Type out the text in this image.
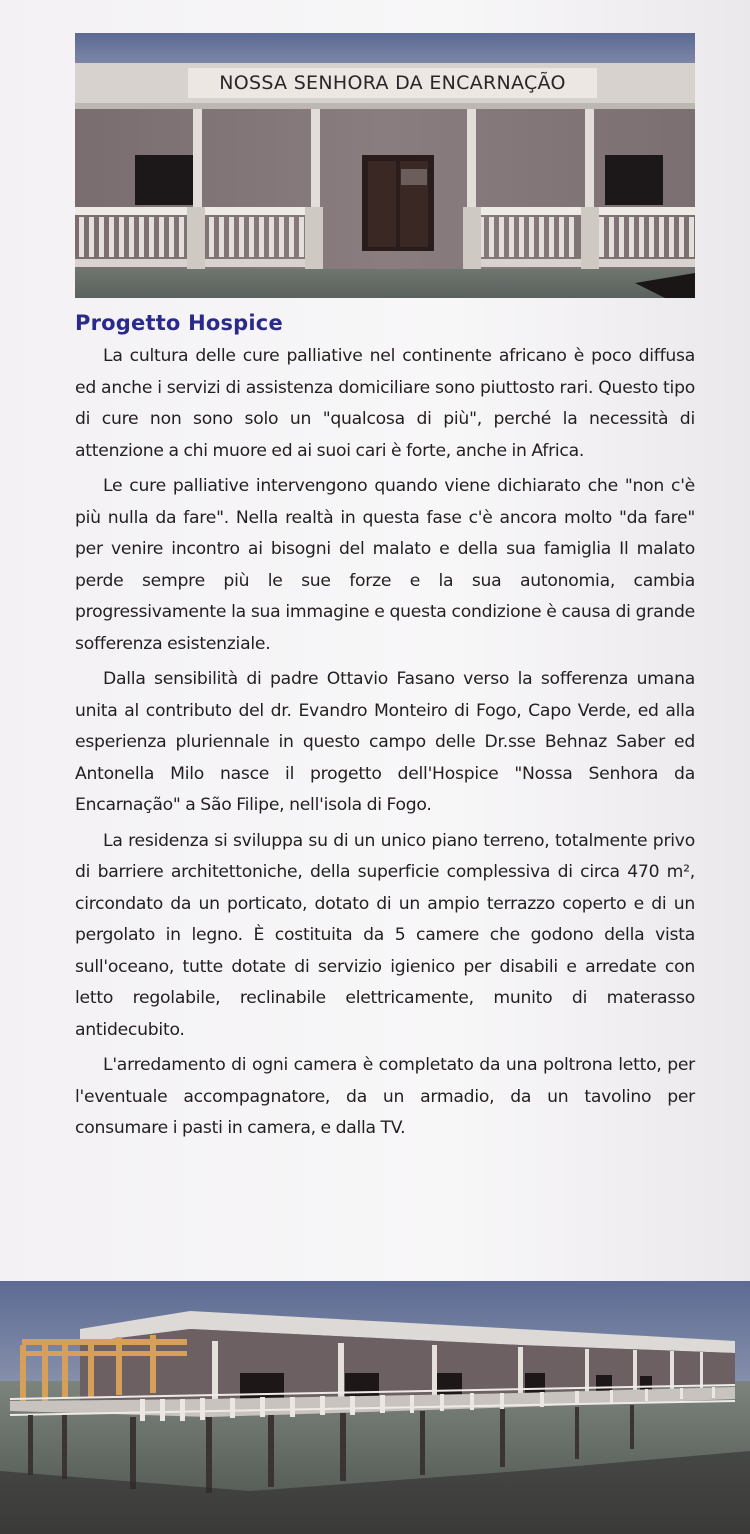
NOSSA SENHORA DA ENCARNAÇÃO
Progetto Hospice

La cultura delle cure palliative nel continente africano è poco diffusa ed anche i servizi di assistenza domiciliare sono piuttosto rari. Questo tipo di cure non sono solo un "qualcosa di più", perché la necessità di attenzione a chi muore ed ai suoi cari è forte, anche in Africa.

Le cure palliative intervengono quando viene dichiarato che "non c'è più nulla da fare". Nella realtà in questa fase c'è ancora molto "da fare" per venire incontro ai bisogni del malato e della sua famiglia Il malato perde sempre più le sue forze e la sua autonomia, cambia progressivamente la sua immagine e questa condizione è causa di grande sofferenza esistenziale.

Dalla sensibilità di padre Ottavio Fasano verso la sofferenza umana unita al contributo del dr. Evandro Monteiro di Fogo, Capo Verde, ed alla esperienza pluriennale in questo campo delle Dr.sse Behnaz Saber ed Antonella Milo nasce il progetto dell'Hospice "Nossa Senhora da Encarnação" a São Filipe, nell'isola di Fogo.

La residenza si sviluppa su di un unico piano terreno, totalmente privo di barriere architettoniche, della superficie complessiva di circa 470 m², circondato da un porticato, dotato di un ampio terrazzo coperto e di un pergolato in legno. È costituita da 5 camere che godono della vista sull'oceano, tutte dotate di servizio igienico per disabili e arredate con letto regolabile, reclinabile elettricamente, munito di materasso antidecubito.

L'arredamento di ogni camera è completato da una poltrona letto, per l'eventuale accompagnatore, da un armadio, da un tavolino per consumare i pasti in camera, e dalla TV.
